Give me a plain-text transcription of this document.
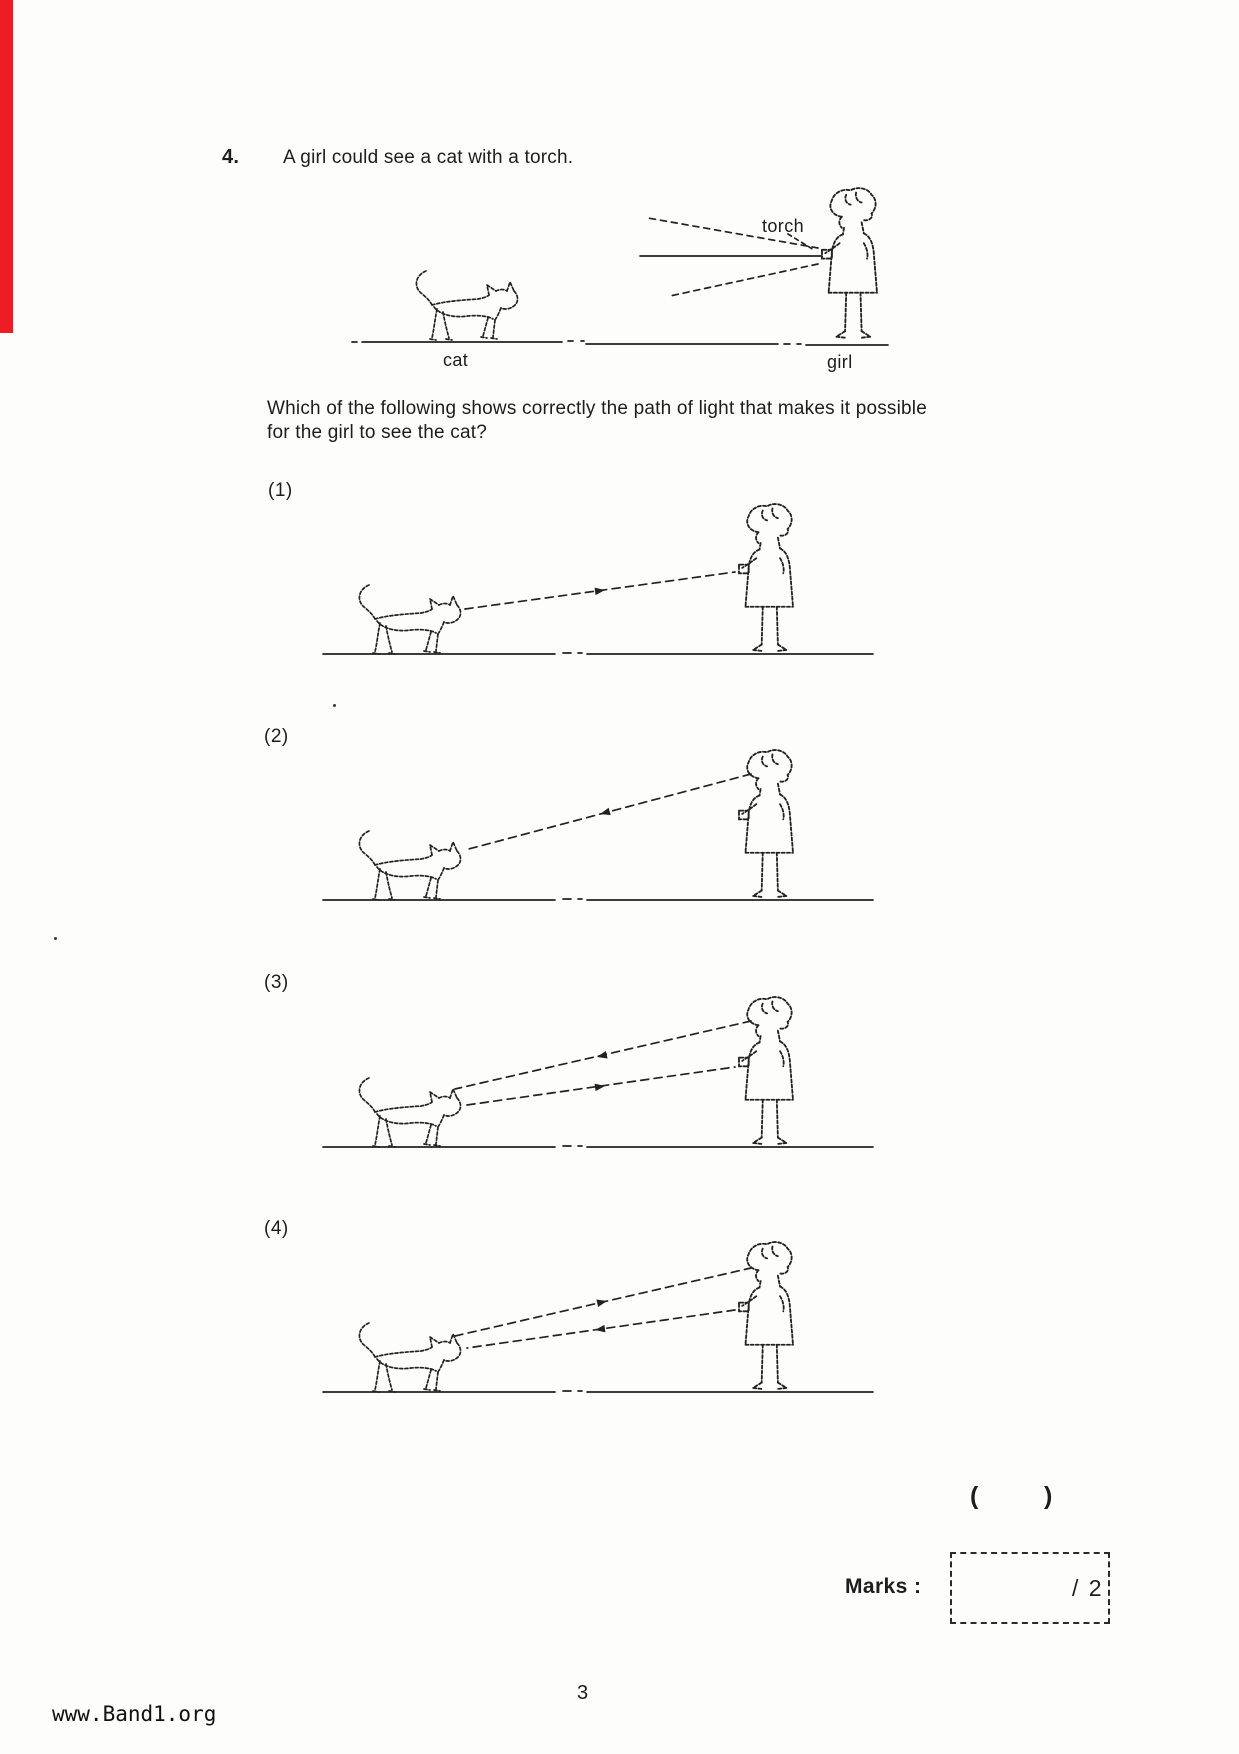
4. A girl could see a cat with a torch.
torch
cat	girl
Which of the following shows correctly the path of light that makes it possible
for the girl to see the cat?
(1)
(2)
(3)
(4)
(	)
Marks :	/ 2
3
www.Band1.org
